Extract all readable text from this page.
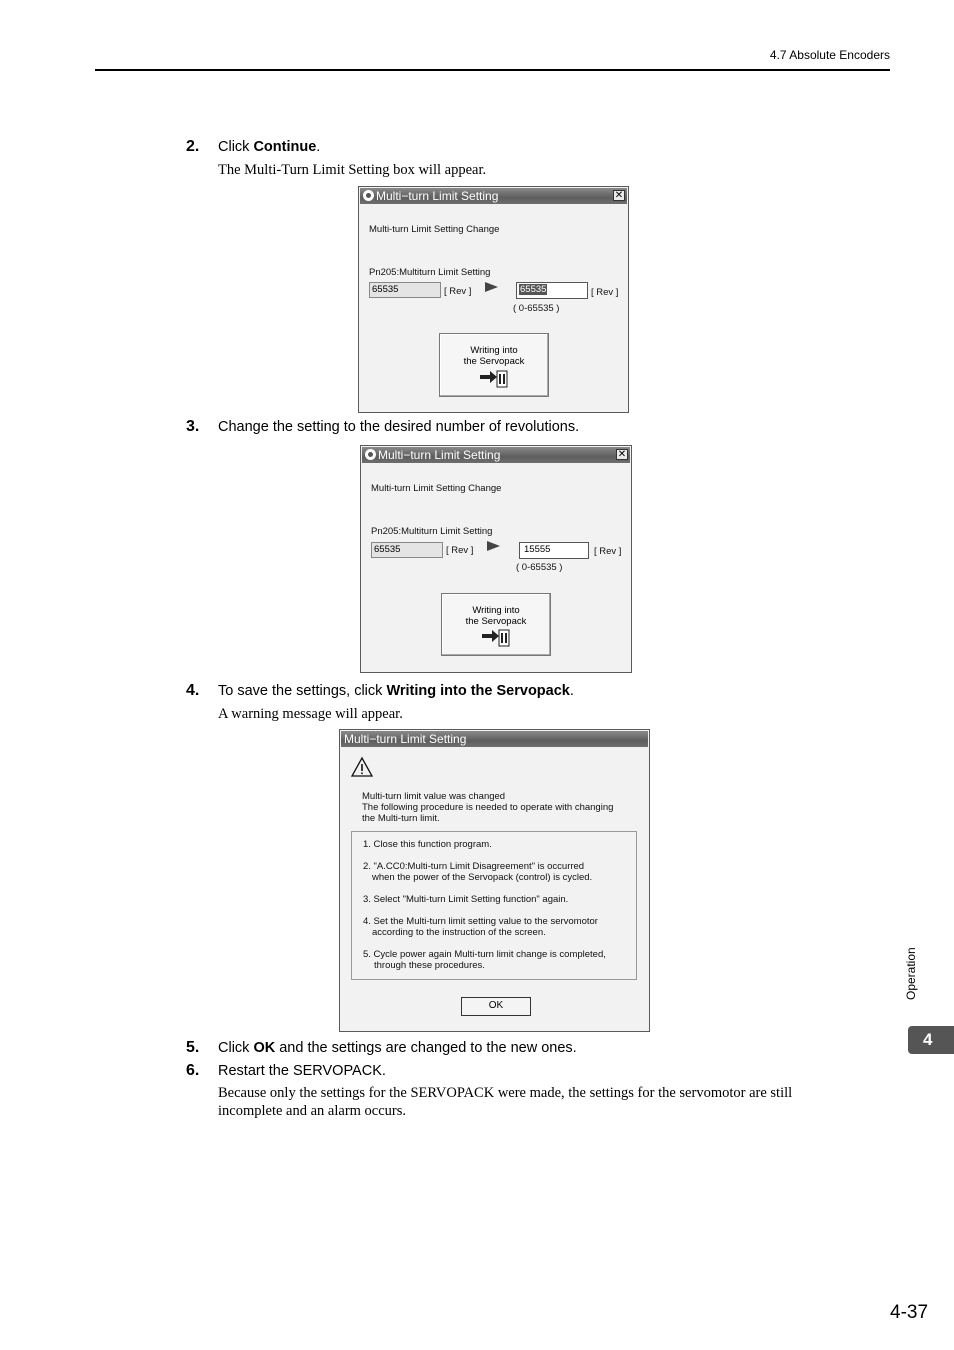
4.7 Absolute Encoders
2. Click Continue.
The Multi-Turn Limit Setting box will appear.
Multi−turn Limit Setting	✕
Multi-turn Limit Setting Change
Pn205:Multiturn Limit Setting
65535	[ Rev ]	65535	[ Rev ]
( 0-65535 )
Writing into
the Servopack
3. Change the setting to the desired number of revolutions.
Multi−turn Limit Setting	✕
Multi-turn Limit Setting Change
Pn205:Multiturn Limit Setting
65535	[ Rev ]	15555	[ Rev ]
( 0-65535 )
Writing into
the Servopack
4. To save the settings, click Writing into the Servopack.
A warning message will appear.
Multi−turn Limit Setting
Multi-turn limit value was changed
The following procedure is needed to operate with changing
the Multi-turn limit.
1. Close this function program.
2. "A.CC0:Multi-turn Limit Disagreement" is occurred
when the power of the Servopack (control) is cycled.
3. Select "Multi-turn Limit Setting function" again.
4. Set the Multi-turn limit setting value to the servomotor
according to the instruction of the screen.
5. Cycle power again Multi-turn limit change is completed,
through these procedures.
OK
5. Click OK and the settings are changed to the new ones.
6. Restart the SERVOPACK.
Because only the settings for the SERVOPACK were made, the settings for the servomotor are still
incomplete and an alarm occurs.
Operation
4
4-37
